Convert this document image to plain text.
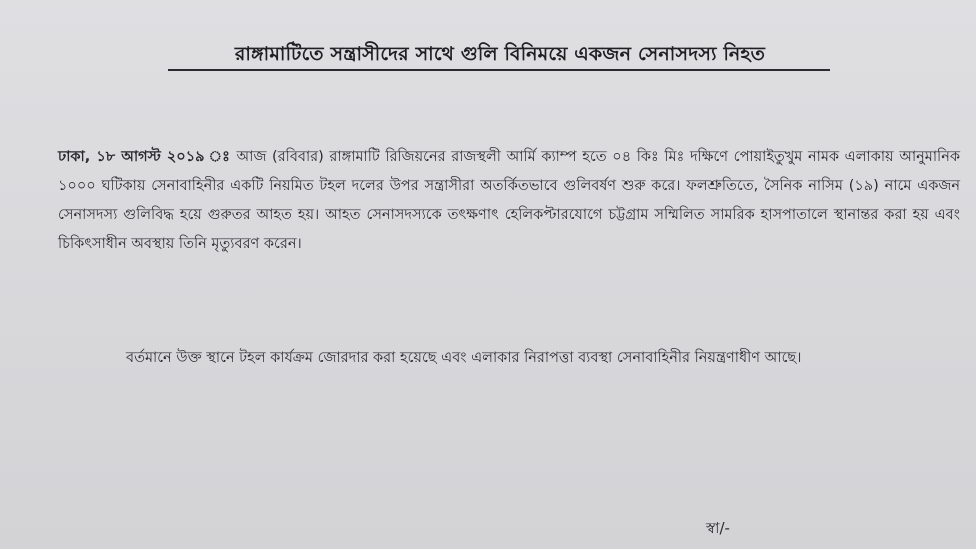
রাঙ্গামাটিতে সন্ত্রাসীদের সাথে গুলি বিনিময়ে একজন সেনাসদস্য নিহত
ঢাকা, ১৮ আগস্ট ২০১৯ ঃ আজ (রবিবার) রাঙ্গামাটি রিজিয়নের রাজস্থলী আর্মি ক্যাম্প হতে ০৪ কিঃ মিঃ দক্ষিণে পোয়াইতুখুম নামক এলাকায় আনুমানিক ১০০০ ঘটিকায় সেনাবাহিনীর একটি নিয়মিত টহল দলের উপর সন্ত্রাসীরা অতর্কিতভাবে গুলিবর্ষণ শুরু করে। ফলশ্রুতিতে, সৈনিক নাসিম (১৯) নামে একজন সেনাসদস্য গুলিবিদ্ধ হয়ে গুরুতর আহত হয়। আহত সেনাসদস্যকে তৎক্ষণাৎ হেলিকপ্টারযোগে চট্টগ্রাম সম্মিলিত সামরিক হাসপাতালে স্থানান্তর করা হয় এবং চিকিৎসাধীন অবস্থায় তিনি মৃত্যুবরণ করেন।
বর্তমানে উক্ত স্থানে টহল কার্যক্রম জোরদার করা হয়েছে এবং এলাকার নিরাপত্তা ব্যবস্থা সেনাবাহিনীর নিয়ন্ত্রণাধীণ আছে।
স্বা/-
